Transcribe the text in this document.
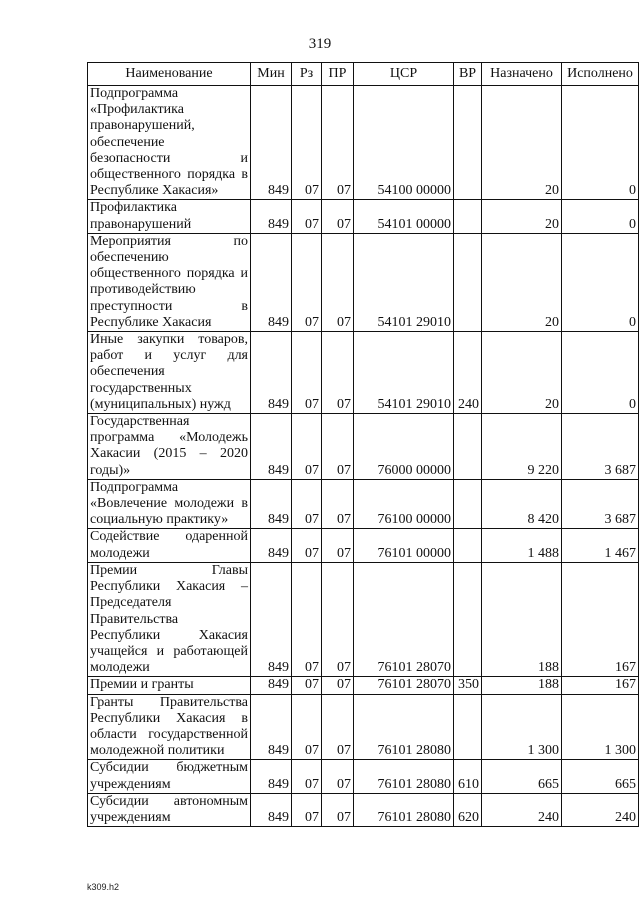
319
Наименование	Мин	Рз	ПР	ЦСР	ВР	Назначено	Исполнено
Подпрограмма «Профилактика правонарушений, обеспечение безопасности и общественного порядка в Республике Хакасия»	849	07	07	54100 00000		20	0
Профилактика правонарушений	849	07	07	54101 00000		20	0
Мероприятия по обеспечению общественного порядка и противодействию преступности в Республике Хакасия	849	07	07	54101 29010		20	0
Иные закупки товаров, работ и услуг для обеспечения государственных (муниципальных) нужд	849	07	07	54101 29010	240	20	0
Государственная программа «Молодежь Хакасии (2015 – 2020 годы)»	849	07	07	76000 00000		9 220	3 687
Подпрограмма «Вовлечение молодежи в социальную практику»	849	07	07	76100 00000		8 420	3 687
Содействие одаренной молодежи	849	07	07	76101 00000		1 488	1 467
Премии Главы Республики Хакасия – Председателя Правительства Республики Хакасия учащейся и работающей молодежи	849	07	07	76101 28070		188	167
Премии и гранты	849	07	07	76101 28070	350	188	167
Гранты Правительства Республики Хакасия в области государственной молодежной политики	849	07	07	76101 28080		1 300	1 300
Субсидии бюджетным учреждениям	849	07	07	76101 28080	610	665	665
Субсидии автономным учреждениям	849	07	07	76101 28080	620	240	240
k309.h2
